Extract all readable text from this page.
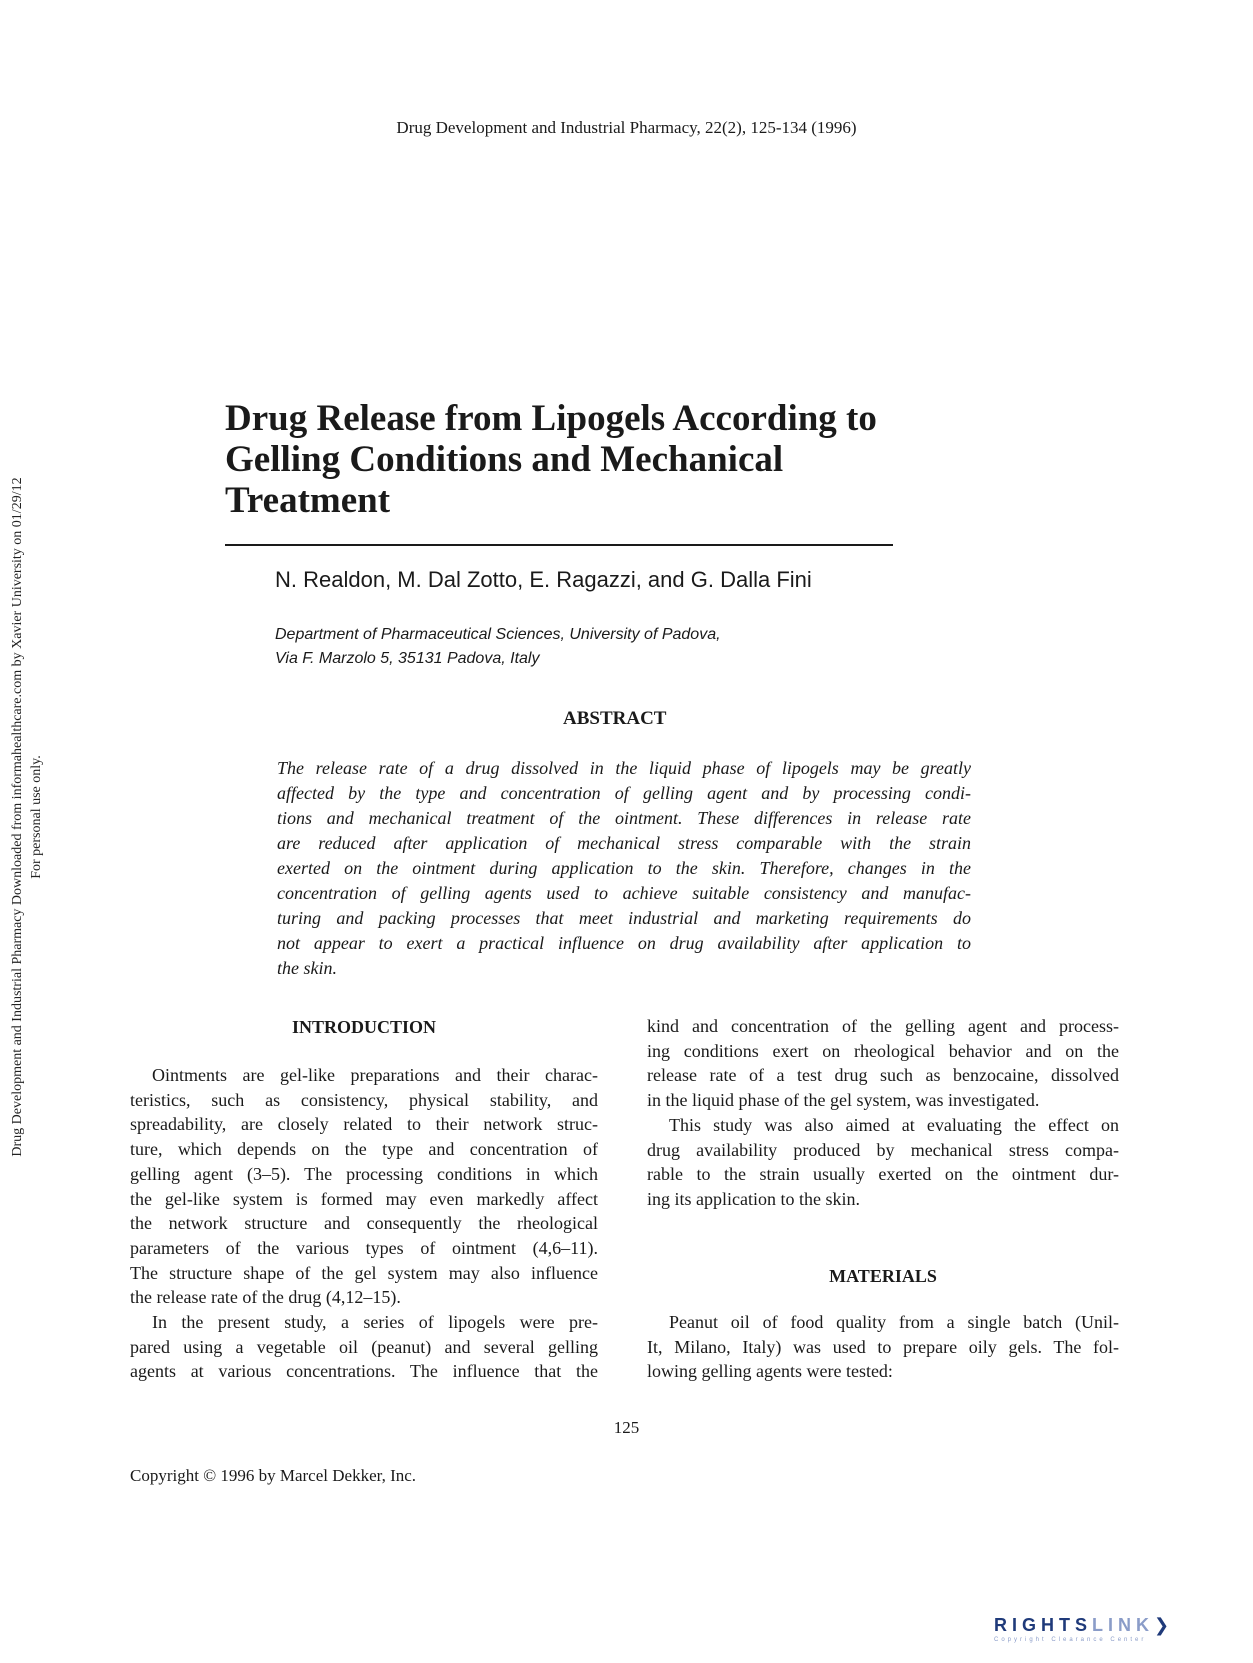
Drug Development and Industrial Pharmacy, 22(2), 125-134 (1996)
Drug Development and Industrial Pharmacy Downloaded from informahealthcare.com by Xavier University on 01/29/12 For personal use only.
Drug Release from Lipogels According to
Gelling Conditions and Mechanical
Treatment
N. Realdon, M. Dal Zotto, E. Ragazzi, and G. Dalla Fini
Department of Pharmaceutical Sciences, University of Padova,
Via F. Marzolo 5, 35131 Padova, Italy
ABSTRACT
The release rate of a drug dissolved in the liquid phase of lipogels may be greatly
affected by the type and concentration of gelling agent and by processing condi-
tions and mechanical treatment of the ointment. These differences in release rate
are reduced after application of mechanical stress comparable with the strain
exerted on the ointment during application to the skin. Therefore, changes in the
concentration of gelling agents used to achieve suitable consistency and manufac-
turing and packing processes that meet industrial and marketing requirements do
not appear to exert a practical influence on drug availability after application to
the skin.
INTRODUCTION
Ointments are gel-like preparations and their charac-
teristics, such as consistency, physical stability, and
spreadability, are closely related to their network struc-
ture, which depends on the type and concentration of
gelling agent (3–5). The processing conditions in which
the gel-like system is formed may even markedly affect
the network structure and consequently the rheological
parameters of the various types of ointment (4,6–11).
The structure shape of the gel system may also influence
the release rate of the drug (4,12–15).
In the present study, a series of lipogels were pre-
pared using a vegetable oil (peanut) and several gelling
agents at various concentrations. The influence that the
kind and concentration of the gelling agent and process-
ing conditions exert on rheological behavior and on the
release rate of a test drug such as benzocaine, dissolved
in the liquid phase of the gel system, was investigated.
This study was also aimed at evaluating the effect on
drug availability produced by mechanical stress compa-
rable to the strain usually exerted on the ointment dur-
ing its application to the skin.
MATERIALS
Peanut oil of food quality from a single batch (Unil-
It, Milano, Italy) was used to prepare oily gels. The fol-
lowing gelling agents were tested:
125
Copyright © 1996 by Marcel Dekker, Inc.
RIGHTSLINK❯
Copyright Clearance Center
